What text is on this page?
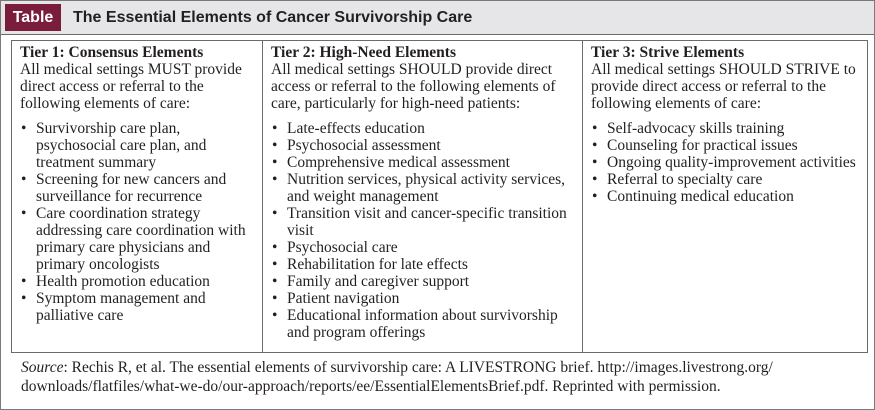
Table	The Essential Elements of Cancer Survivorship Care
Tier 1: Consensus Elements
All medical settings MUST provide direct access or referral to the following elements of care:
• Survivorship care plan, psychosocial care plan, and treatment summary
• Screening for new cancers and surveillance for recurrence
• Care coordination strategy addressing care coordination with primary care physicians and primary oncologists
• Health promotion education
• Symptom management and palliative care
Tier 2: High-Need Elements
All medical settings SHOULD provide direct access or referral to the following elements of care, particularly for high-need patients:
• Late-effects education
• Psychosocial assessment
• Comprehensive medical assessment
• Nutrition services, physical activity services, and weight management
• Transition visit and cancer-specific transition visit
• Psychosocial care
• Rehabilitation for late effects
• Family and caregiver support
• Patient navigation
• Educational information about survivorship and program offerings
Tier 3: Strive Elements
All medical settings SHOULD STRIVE to provide direct access or referral to the following elements of care:
• Self-advocacy skills training
• Counseling for practical issues
• Ongoing quality-improvement activities
• Referral to specialty care
• Continuing medical education
Source: Rechis R, et al. The essential elements of survivorship care: A LIVESTRONG brief. http://images.livestrong.org/ downloads/flatfiles/what-we-do/our-approach/reports/ee/EssentialElementsBrief.pdf. Reprinted with permission.
